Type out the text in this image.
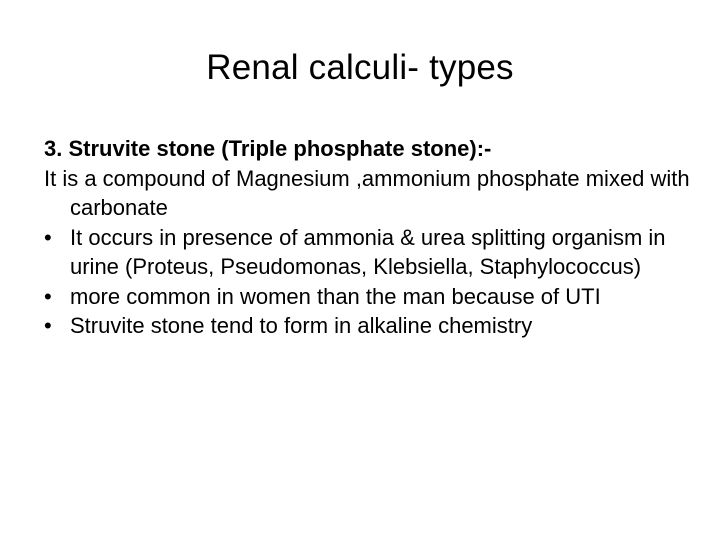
Renal calculi- types
3. Struvite stone (Triple phosphate stone):-
It is a compound of Magnesium ,ammonium phosphate mixed with carbonate
• It occurs in presence of ammonia & urea splitting organism in urine (Proteus, Pseudomonas, Klebsiella, Staphylococcus)
• more common in women than the man because of UTI
• Struvite stone tend to form in alkaline chemistry
